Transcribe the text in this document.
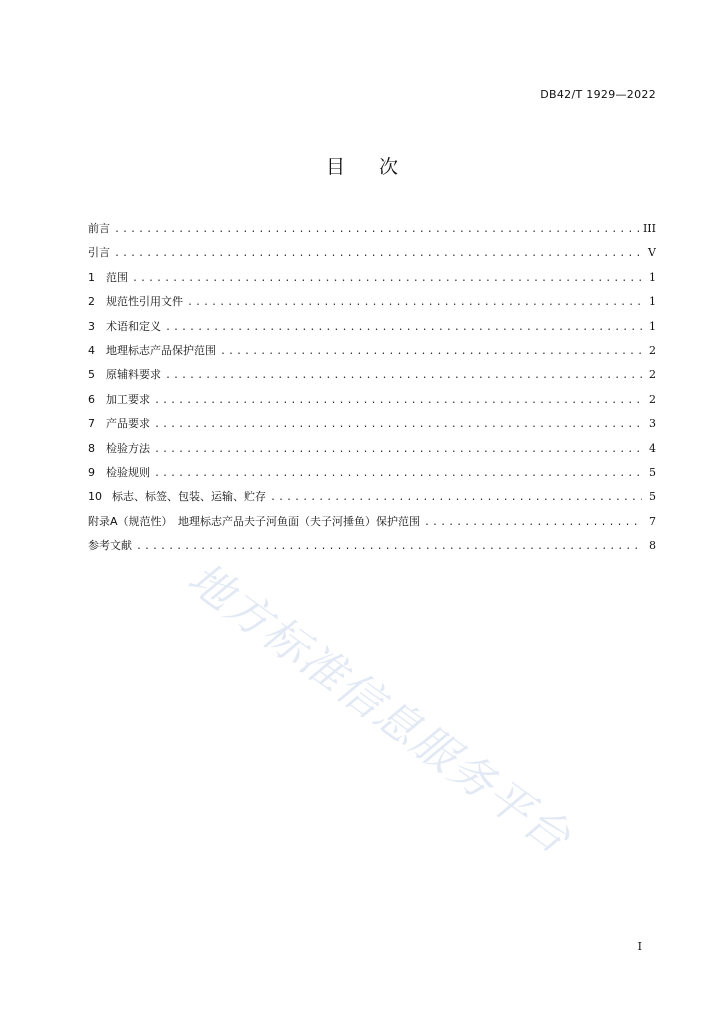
DB42/T 1929—2022
目次
前言 .....	III
引言 .....	V
1	范围 .....	1
2	规范性引用文件 .....	1
3	术语和定义 .....	1
4	地理标志产品保护范围 .....	2
5	原辅料要求 .....	2
6	加工要求 .....	2
7	产品要求 .....	3
8	检验方法 .....	4
9	检验规则 .....	5
10 标志、标签、包装、运输、贮存 .....	5
附录A（规范性）　地理标志产品夫子河鱼面（夫子河捶鱼）保护范围 .....	7
参考文献 .....	8
地方标准信息服务平台
I
